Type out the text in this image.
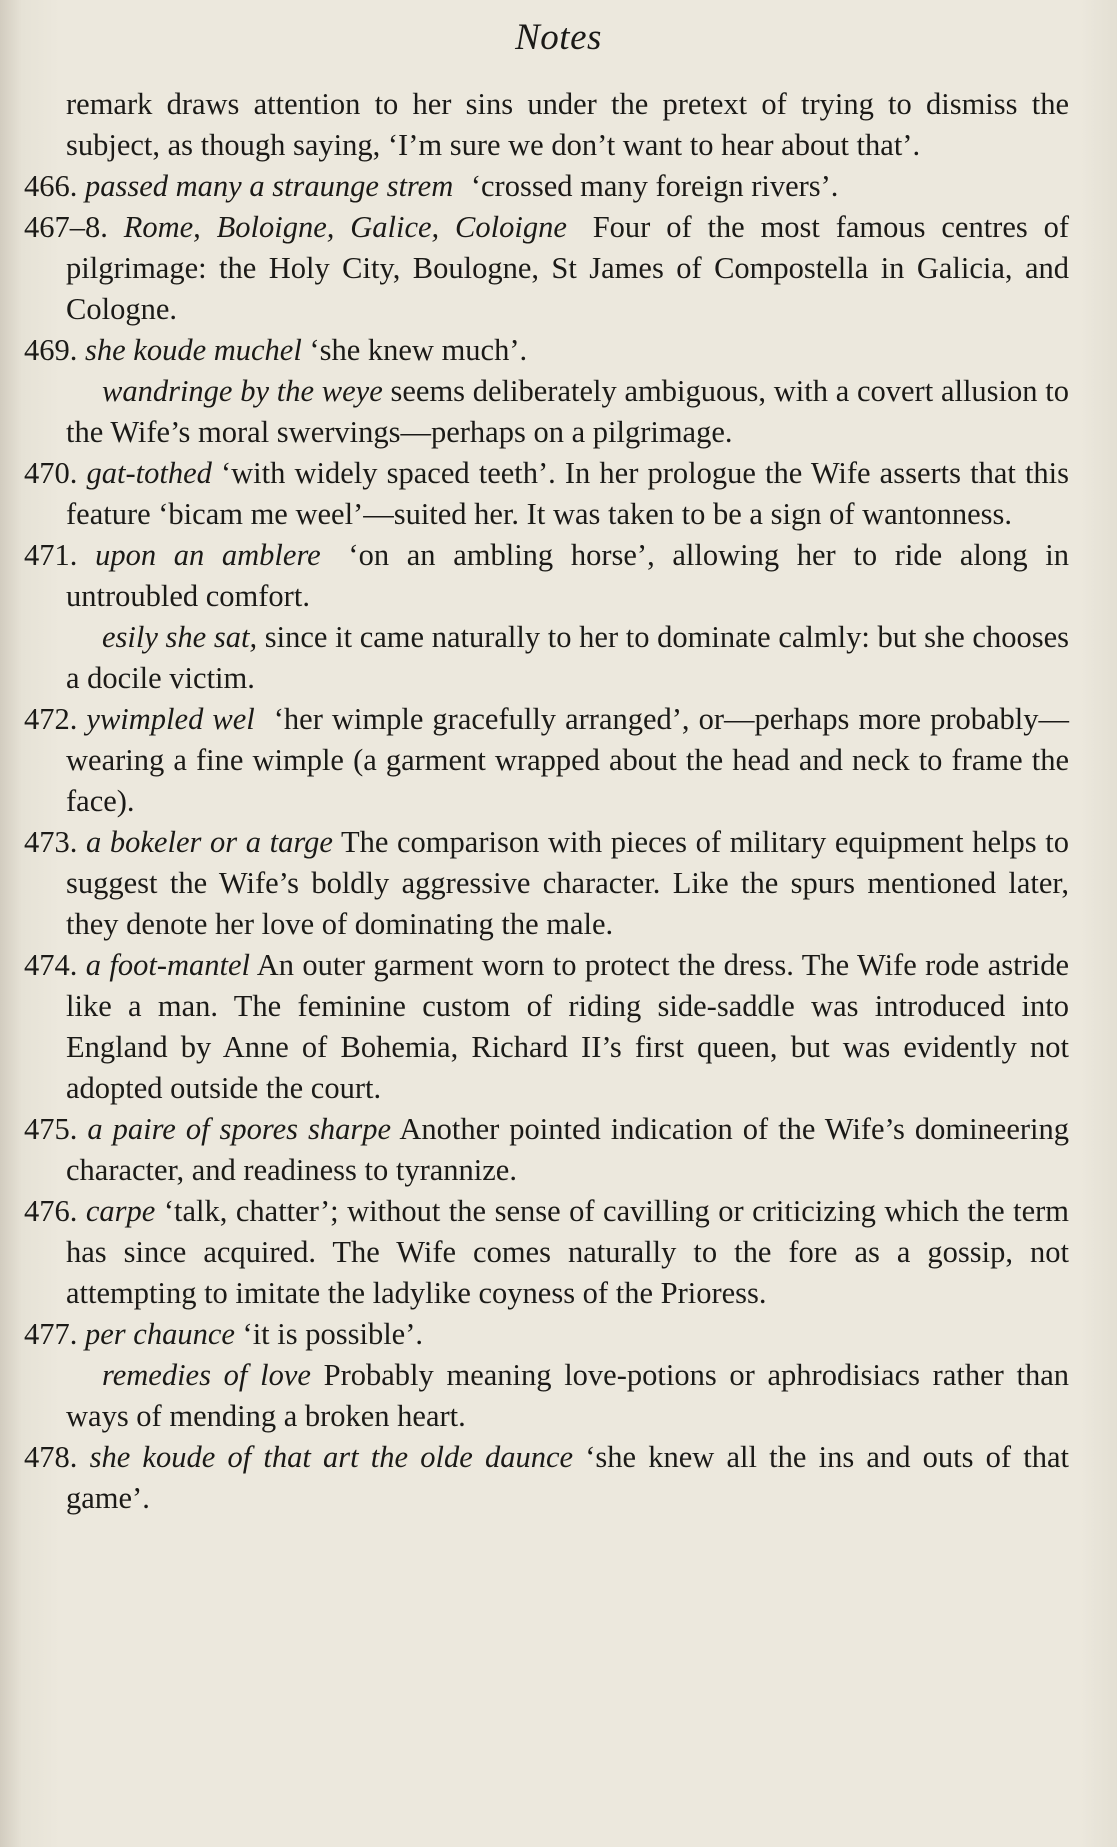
Notes

remark draws attention to her sins under the pretext of trying to dismiss the subject, as though saying, ‘I’m sure we don’t want to hear about that’.

466. passed many a straunge strem ‘crossed many foreign rivers’.

467–8. Rome, Boloigne, Galice, Coloigne Four of the most famous centres of pilgrimage: the Holy City, Boulogne, St James of Compostella in Galicia, and Cologne.

469. she koude muchel ‘she knew much’.

wandringe by the weye seems deliberately ambiguous, with a covert allusion to the Wife’s moral swervings—perhaps on a pilgrimage.

470. gat-tothed ‘with widely spaced teeth’. In her prologue the Wife asserts that this feature ‘bicam me weel’—suited her. It was taken to be a sign of wantonness.

471. upon an amblere ‘on an ambling horse’, allowing her to ride along in untroubled comfort.

esily she sat, since it came naturally to her to dominate calmly: but she chooses a docile victim.

472. ywimpled wel ‘her wimple gracefully arranged’, or—perhaps more probably—wearing a fine wimple (a garment wrapped about the head and neck to frame the face).

473. a bokeler or a targe The comparison with pieces of military equipment helps to suggest the Wife’s boldly aggressive character. Like the spurs mentioned later, they denote her love of dominating the male.

474. a foot-mantel An outer garment worn to protect the dress. The Wife rode astride like a man. The feminine custom of riding side-saddle was introduced into England by Anne of Bohemia, Richard II’s first queen, but was evidently not adopted outside the court.

475. a paire of spores sharpe Another pointed indication of the Wife’s domineering character, and readiness to tyrannize.

476. carpe ‘talk, chatter’; without the sense of cavilling or criticizing which the term has since acquired. The Wife comes naturally to the fore as a gossip, not attempting to imitate the ladylike coyness of the Prioress.

477. per chaunce ‘it is possible’.

remedies of love Probably meaning love-potions or aphrodisiacs rather than ways of mending a broken heart.

478. she koude of that art the olde daunce ‘she knew all the ins and outs of that game’.
